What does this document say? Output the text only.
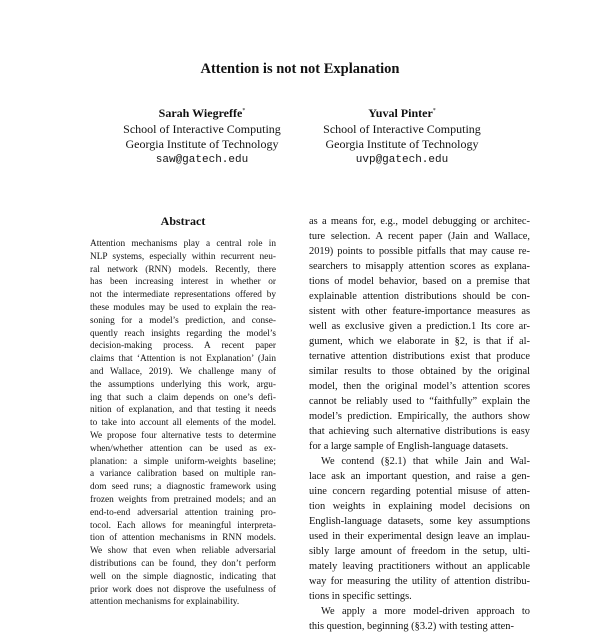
Attention is not not Explanation
Sarah Wiegreffe*
School of Interactive Computing
Georgia Institute of Technology
saw@gatech.edu
Yuval Pinter*
School of Interactive Computing
Georgia Institute of Technology
uvp@gatech.edu
Abstract
Attention mechanisms play a central role in
NLP systems, especially within recurrent neu-
ral network (RNN) models. Recently, there
has been increasing interest in whether or
not the intermediate representations offered by
these modules may be used to explain the rea-
soning for a model’s prediction, and conse-
quently reach insights regarding the model’s
decision-making process. A recent paper
claims that ‘Attention is not Explanation’ (Jain
and Wallace, 2019). We challenge many of
the assumptions underlying this work, argu-
ing that such a claim depends on one’s defi-
nition of explanation, and that testing it needs
to take into account all elements of the model.
We propose four alternative tests to determine
when/whether attention can be used as ex-
planation: a simple uniform-weights baseline;
a variance calibration based on multiple ran-
dom seed runs; a diagnostic framework using
frozen weights from pretrained models; and an
end-to-end adversarial attention training pro-
tocol. Each allows for meaningful interpreta-
tion of attention mechanisms in RNN models.
We show that even when reliable adversarial
distributions can be found, they don’t perform
well on the simple diagnostic, indicating that
prior work does not disprove the usefulness of
attention mechanisms for explainability.
as a means for, e.g., model debugging or architec-
ture selection. A recent paper (Jain and Wallace,
2019) points to possible pitfalls that may cause re-
searchers to misapply attention scores as explana-
tions of model behavior, based on a premise that
explainable attention distributions should be con-
sistent with other feature-importance measures as
well as exclusive given a prediction.1 Its core ar-
gument, which we elaborate in §2, is that if al-
ternative attention distributions exist that produce
similar results to those obtained by the original
model, then the original model’s attention scores
cannot be reliably used to “faithfully” explain the
model’s prediction. Empirically, the authors show
that achieving such alternative distributions is easy
for a large sample of English-language datasets.
We contend (§2.1) that while Jain and Wal-
lace ask an important question, and raise a gen-
uine concern regarding potential misuse of atten-
tion weights in explaining model decisions on
English-language datasets, some key assumptions
used in their experimental design leave an implau-
sibly large amount of freedom in the setup, ulti-
mately leaving practitioners without an applicable
way for measuring the utility of attention distribu-
tions in specific settings.
We apply a more model-driven approach to
this question, beginning (§3.2) with testing atten-
